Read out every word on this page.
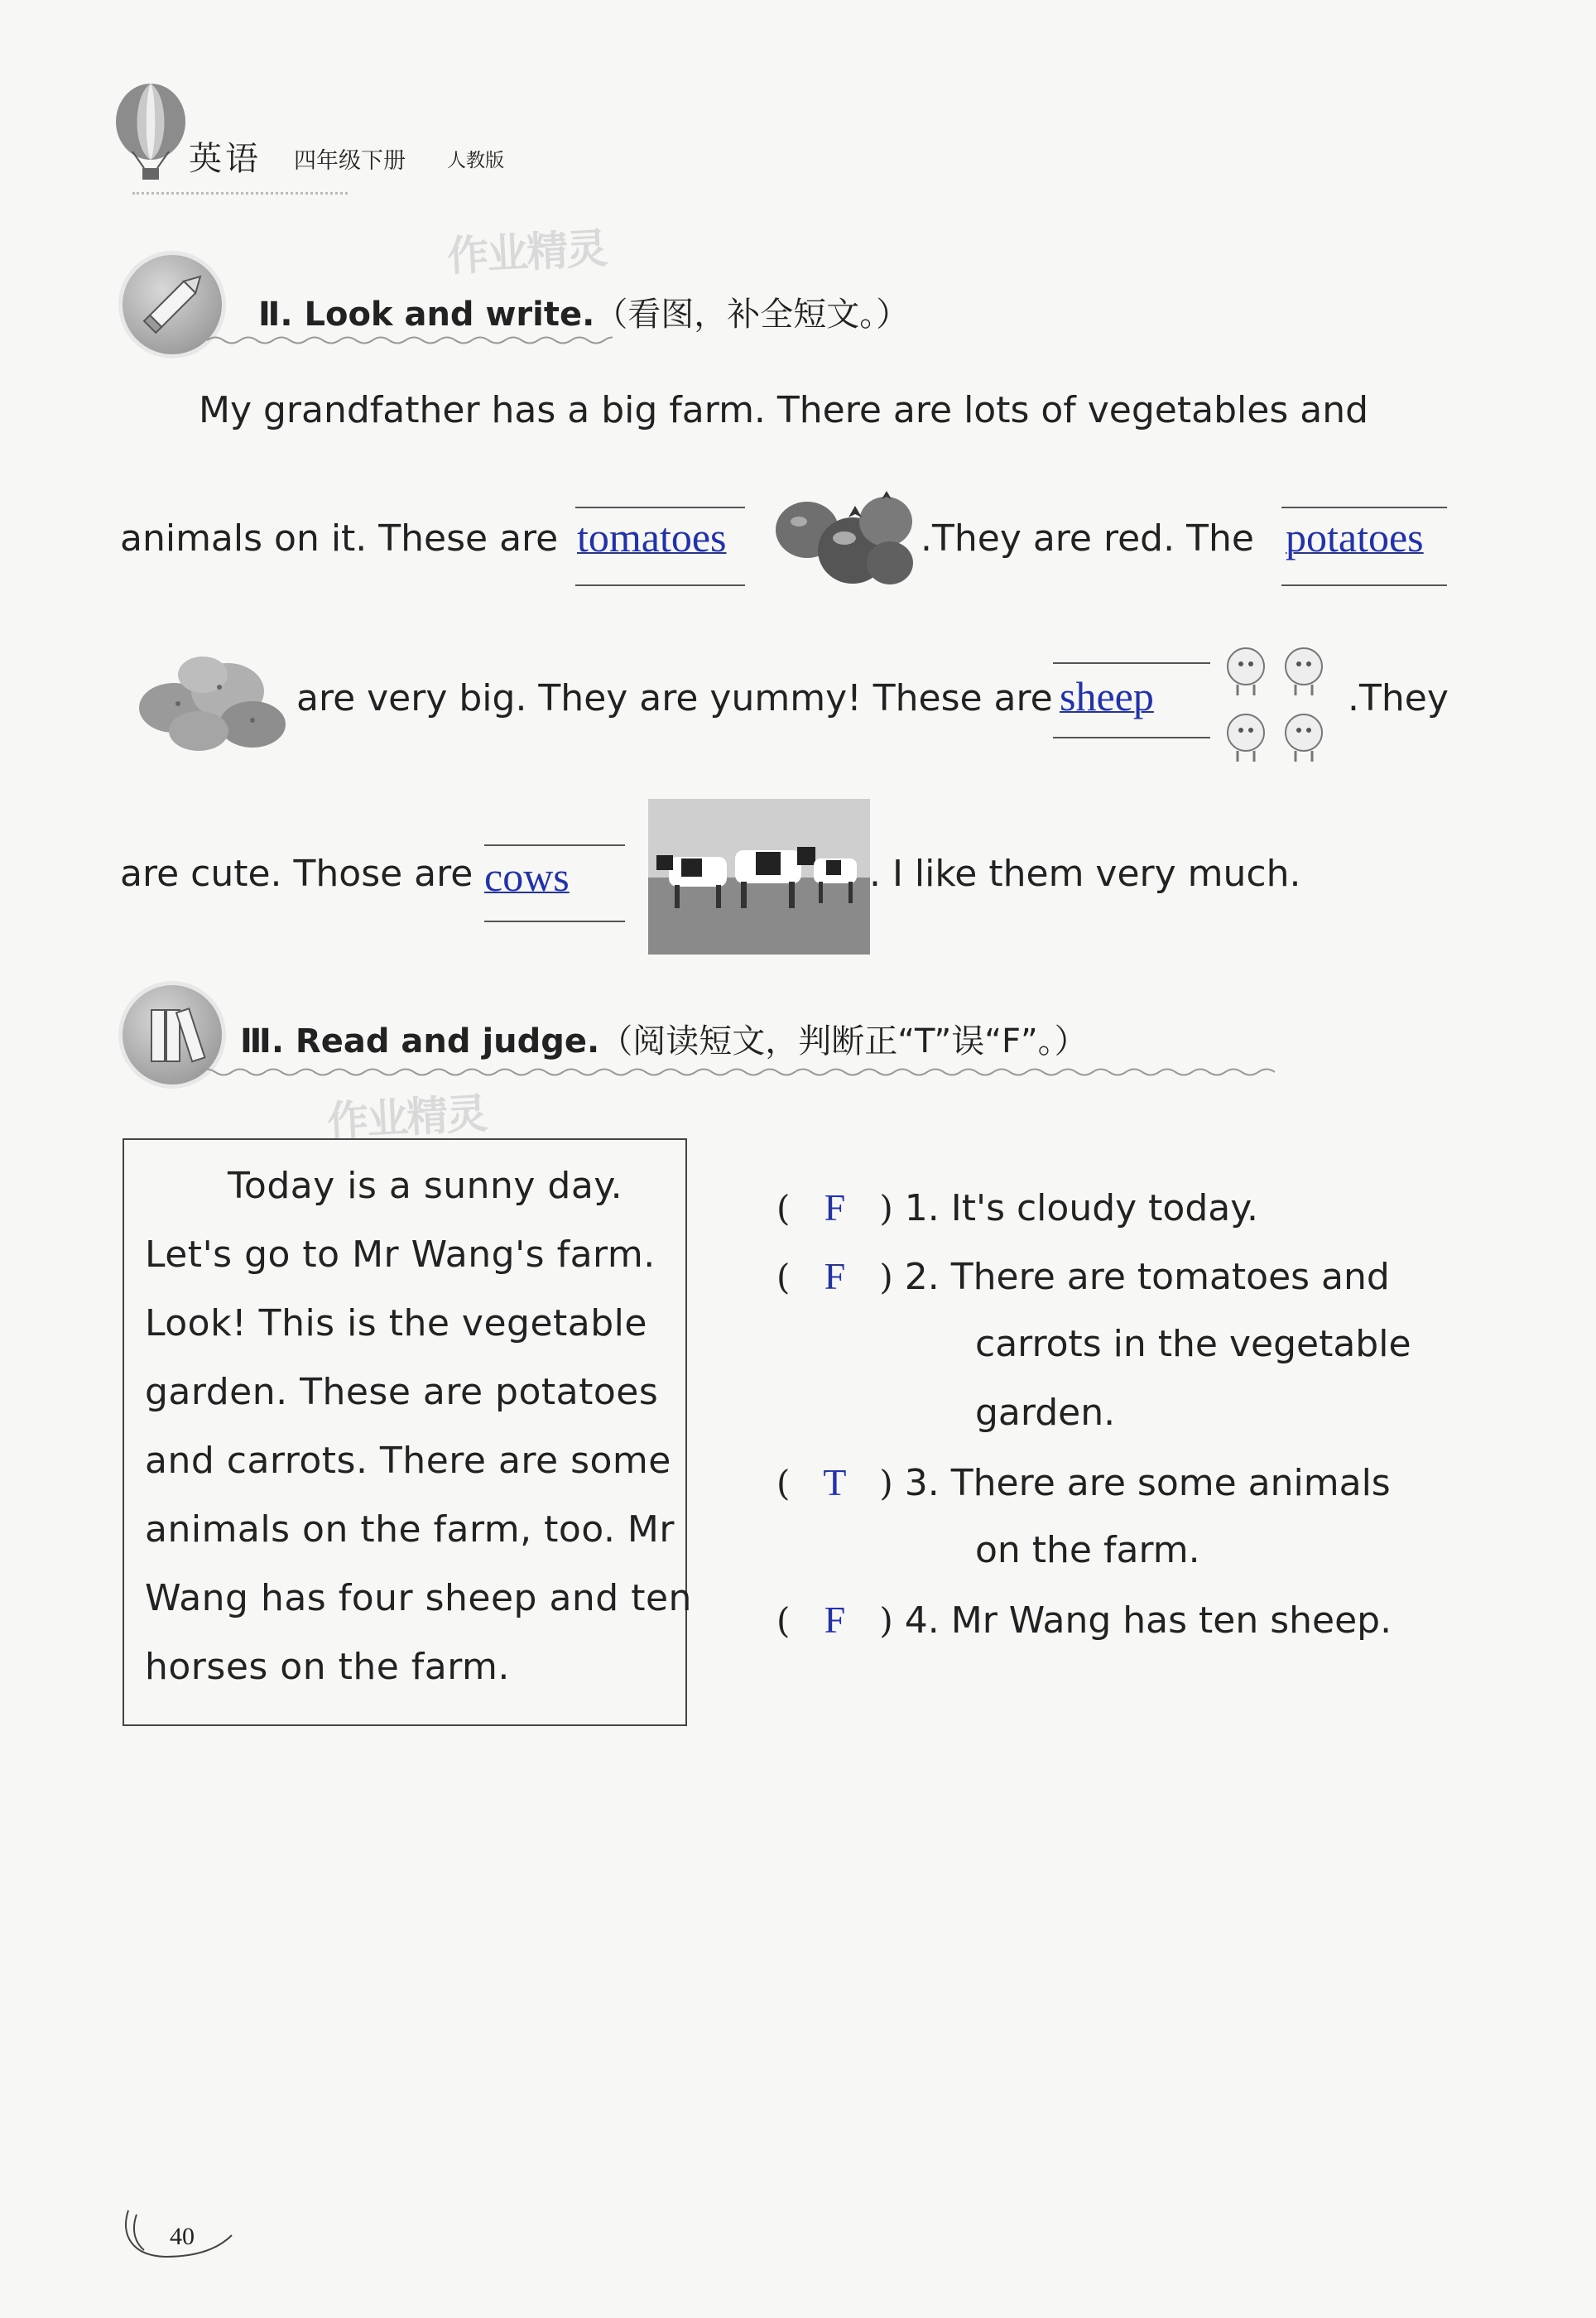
英语 四年级下册 人教版
作业精灵
Ⅱ. Look and write.（看图，补全短文。）
My grandfather has a big farm. There are lots of vegetables and
animals on it. These are tomatoes	.They are red. The potatoes
are very big. They are yummy! These are sheep	.They
are cute. Those are cows	. I like them very much.
Ⅲ. Read and judge.（阅读短文，判断正“T”误“F”。）
作业精灵
Today is a sunny day.
Let's go to Mr Wang's farm.
Look! This is the vegetable
garden. These are potatoes
and carrots. There are some
animals on the farm, too. Mr
Wang has four sheep and ten
horses on the farm.
( F ) 1. It's cloudy today.
( F ) 2. There are tomatoes and
carrots in the vegetable
garden.
( T ) 3. There are some animals
on the farm.
( F ) 4. Mr Wang has ten sheep.
40
